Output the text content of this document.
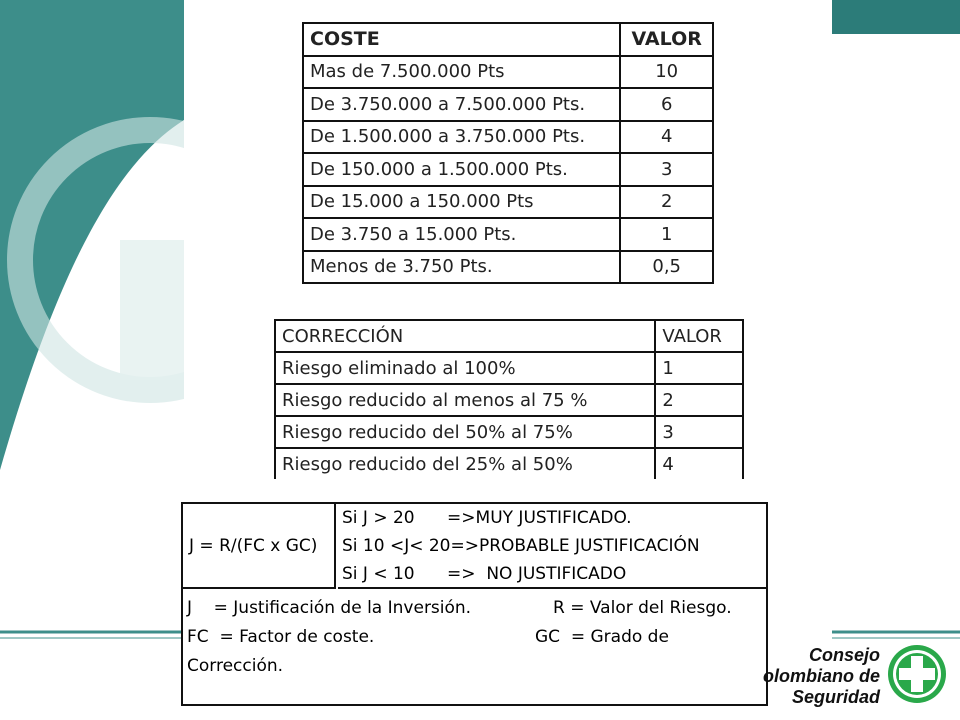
COSTE	VALOR
Mas de 7.500.000 Pts	10
De 3.750.000 a 7.500.000 Pts.	6
De 1.500.000 a 3.750.000 Pts.	4
De 150.000 a 1.500.000 Pts.	3
De 15.000 a 150.000 Pts	2
De 3.750 a 15.000 Pts.	1
Menos de 3.750 Pts.	0,5
CORRECCIÓN	VALOR
Riesgo eliminado al 100%	1
Riesgo reducido al menos al 75 %	2
Riesgo reducido del 50% al 75%	3
Riesgo reducido del 25% al 50%	4
J = R/(FC x GC)
Si J > 20      =>MUY JUSTIFICADO.
Si 10 <J< 20=>PROBABLE JUSTIFICACIÓN
Si J < 10      =>  NO JUSTIFICADO
J    = Justificación de la Inversión.	R = Valor del Riesgo.
FC  = Factor de coste.	GC  = Grado de
Corrección.
Consejo
olombiano de
Seguridad
